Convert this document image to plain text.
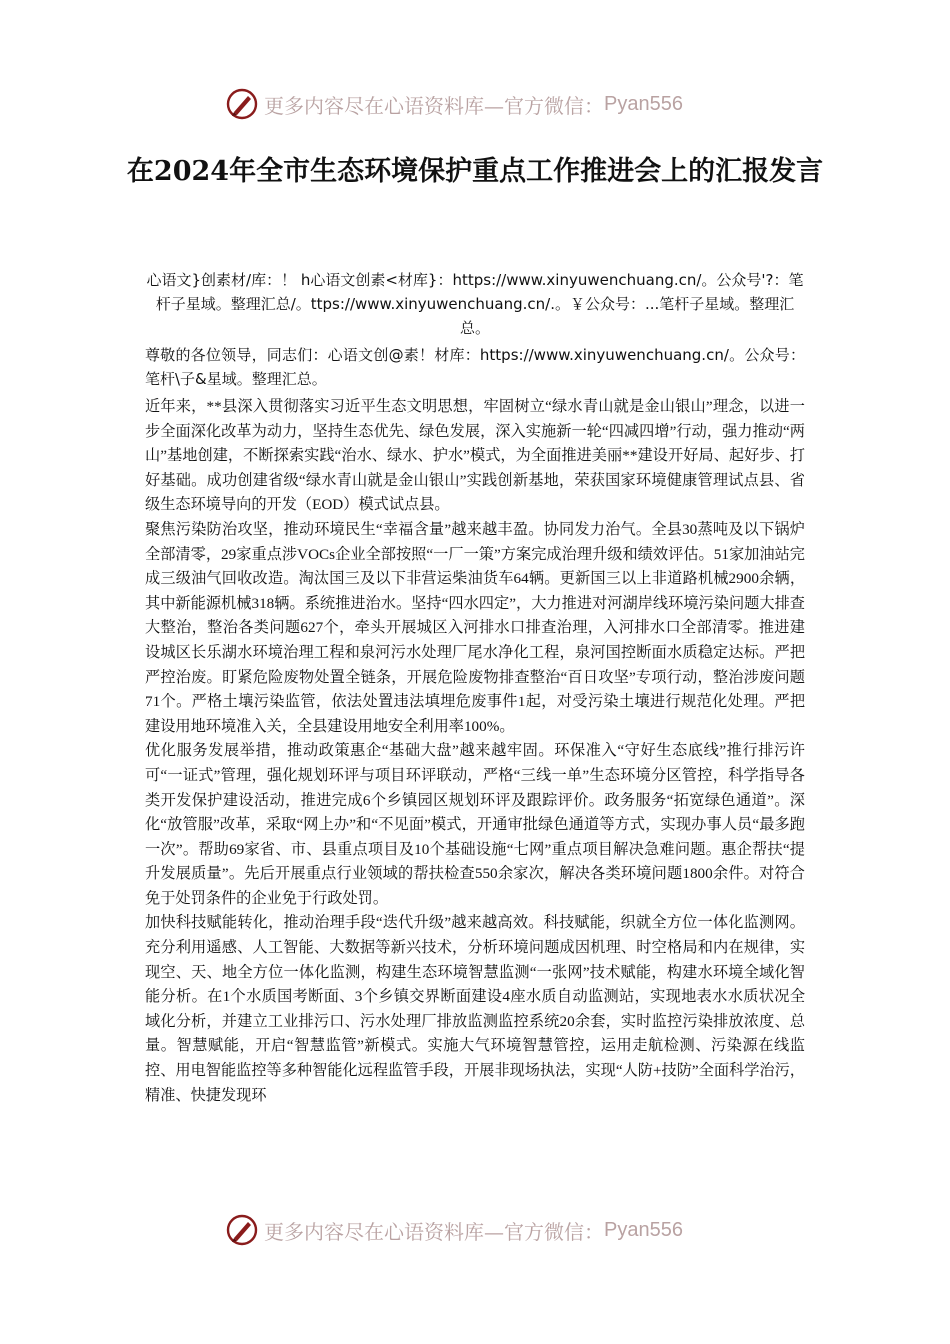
更多内容尽在心语资料库—官方微信： Pyan556
在2024年全市生态环境保护重点工作推进会上的汇报发言
心语文}创素材/库：！ h心语文创素<材库}：https://www.xinyuwenchuang.cn/。公众号'?：笔杆子星域。整理汇总/。ttps://www.xinyuwenchuang.cn/.。￥公众号：...笔杆子星域。整理汇总。
尊敬的各位领导，同志们：心语文创@素！材库：https://www.xinyuwenchuang.cn/。公众号：笔杆\子&星域。整理汇总。

近年来，**县深入贯彻落实习近平生态文明思想，牢固树立“绿水青山就是金山银山”理念，以进一步全面深化改革为动力，坚持生态优先、绿色发展，深入实施新一轮“四减四增”行动，强力推动“两山”基地创建，不断探索实践“治水、绿水、护水”模式，为全面推进美丽**建设开好局、起好步、打好基础。成功创建省级“绿水青山就是金山银山”实践创新基地，荣获国家环境健康管理试点县、省级生态环境导向的开发（EOD）模式试点县。

聚焦污染防治攻坚，推动环境民生“幸福含量”越来越丰盈。协同发力治气。全县30蒸吨及以下锅炉全部清零，29家重点涉VOCs企业全部按照“一厂一策”方案完成治理升级和绩效评估。51家加油站完成三级油气回收改造。淘汰国三及以下非营运柴油货车64辆。更新国三以上非道路机械2900余辆，其中新能源机械318辆。系统推进治水。坚持“四水四定”，大力推进对河湖岸线环境污染问题大排查大整治，整治各类问题627个，牵头开展城区入河排水口排查治理，入河排水口全部清零。推进建设城区长乐湖水环境治理工程和泉河污水处理厂尾水净化工程，泉河国控断面水质稳定达标。严把严控治废。盯紧危险废物处置全链条，开展危险废物排查整治“百日攻坚”专项行动，整治涉废问题71个。严格土壤污染监管，依法处置违法填埋危废事件1起，对受污染土壤进行规范化处理。严把建设用地环境准入关，全县建设用地安全利用率100%。

优化服务发展举措，推动政策惠企“基础大盘”越来越牢固。环保准入“守好生态底线”推行排污许可“一证式”管理，强化规划环评与项目环评联动，严格“三线一单”生态环境分区管控，科学指导各类开发保护建设活动，推进完成6个乡镇园区规划环评及跟踪评价。政务服务“拓宽绿色通道”。深化“放管服”改革，采取“网上办”和“不见面”模式，开通审批绿色通道等方式，实现办事人员“最多跑一次”。帮助69家省、市、县重点项目及10个基础设施“七网”重点项目解决急难问题。惠企帮扶“提升发展质量”。先后开展重点行业领域的帮扶检查550余家次，解决各类环境问题1800余件。对符合免于处罚条件的企业免于行政处罚。

加快科技赋能转化，推动治理手段“迭代升级”越来越高效。科技赋能，织就全方位一体化监测网。充分利用遥感、人工智能、大数据等新兴技术，分析环境问题成因机理、时空格局和内在规律，实现空、天、地全方位一体化监测，构建生态环境智慧监测“一张网”技术赋能，构建水环境全域化智能分析。在1个水质国考断面、3个乡镇交界断面建设4座水质自动监测站，实现地表水水质状况全域化分析，并建立工业排污口、污水处理厂排放监测监控系统20余套，实时监控污染排放浓度、总量。智慧赋能，开启“智慧监管”新模式。实施大气环境智慧管控，运用走航检测、污染源在线监控、用电智能监控等多种智能化远程监管手段，开展非现场执法，实现“人防+技防”全面科学治污，精准、快捷发现环

更多内容尽在心语资料库—官方微信： Pyan556
